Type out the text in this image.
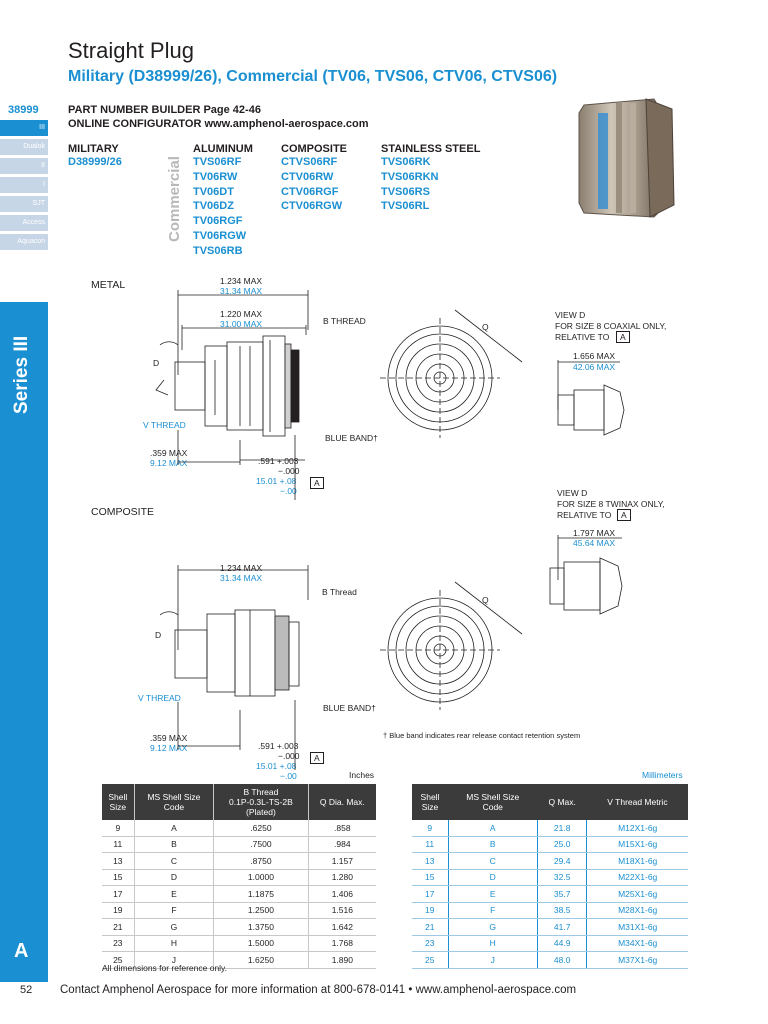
38999
III
Dualok
II
I
SJT
Access
Aquacon
Series III
A
Straight Plug
Military (D38999/26), Commercial (TV06, TVS06, CTV06, CTVS06)
PART NUMBER BUILDER Page 42-46
ONLINE CONFIGURATOR www.amphenol-aerospace.com
MILITARY
D38999/26	Commercial
ALUMINUM
TVS06RF
TV06RW
TV06DT
TV06DZ
TV06RGF
TV06RGW
TVS06RB
COMPOSITE
CTVS06RF
CTV06RW
CTV06RGF
CTV06RGW
STAINLESS STEEL
TVS06RK
TVS06RKN
TVS06RS
TVS06RL
METAL	1.234 MAX
31.34 MAX
1.220 MAX
31.00 MAX	B THREAD
Q
D
V THREAD
BLUE BAND†
.359 MAX
9.12 MAX	.591 +.003
−.000
15.01 +.08
−.00
A
VIEW D
FOR SIZE 8 COAXIAL ONLY,
RELATIVE TO	A
1.656 MAX
42.06 MAX
VIEW D
FOR SIZE 8 TWINAX ONLY,
RELATIVE TO	A
1.797 MAX
45.64 MAX
COMPOSITE
1.234 MAX
31.34 MAX
B Thread
Q
D
V THREAD
BLUE BAND†
.359 MAX
9.12 MAX	.591 +.003
−.000
15.01 +.08
−.00
A
† Blue band indicates rear release contact retention system
Inches	Millimeters
Shell
Size	MS Shell Size
Code	B Thread
0.1P-0.3L-TS-2B
(Plated)	Q Dia. Max.
9	A	.6250	.858
11	B	.7500	.984
13	C	.8750	1.157
15	D	1.0000	1.280
17	E	1.1875	1.406
19	F	1.2500	1.516
21	G	1.3750	1.642
23	H	1.5000	1.768
25	J	1.6250	1.890
All dimensions for reference only.
Shell
Size	MS Shell Size
Code	Q Max.	V Thread Metric
9	A	21.8	M12X1-6g
11	B	25.0	M15X1-6g
13	C	29.4	M18X1-6g
15	D	32.5	M22X1-6g
17	E	35.7	M25X1-6g
19	F	38.5	M28X1-6g
21	G	41.7	M31X1-6g
23	H	44.9	M34X1-6g
25	J	48.0	M37X1-6g
52 Contact Amphenol Aerospace for more information at 800-678-0141 • www.amphenol-aerospace.com
